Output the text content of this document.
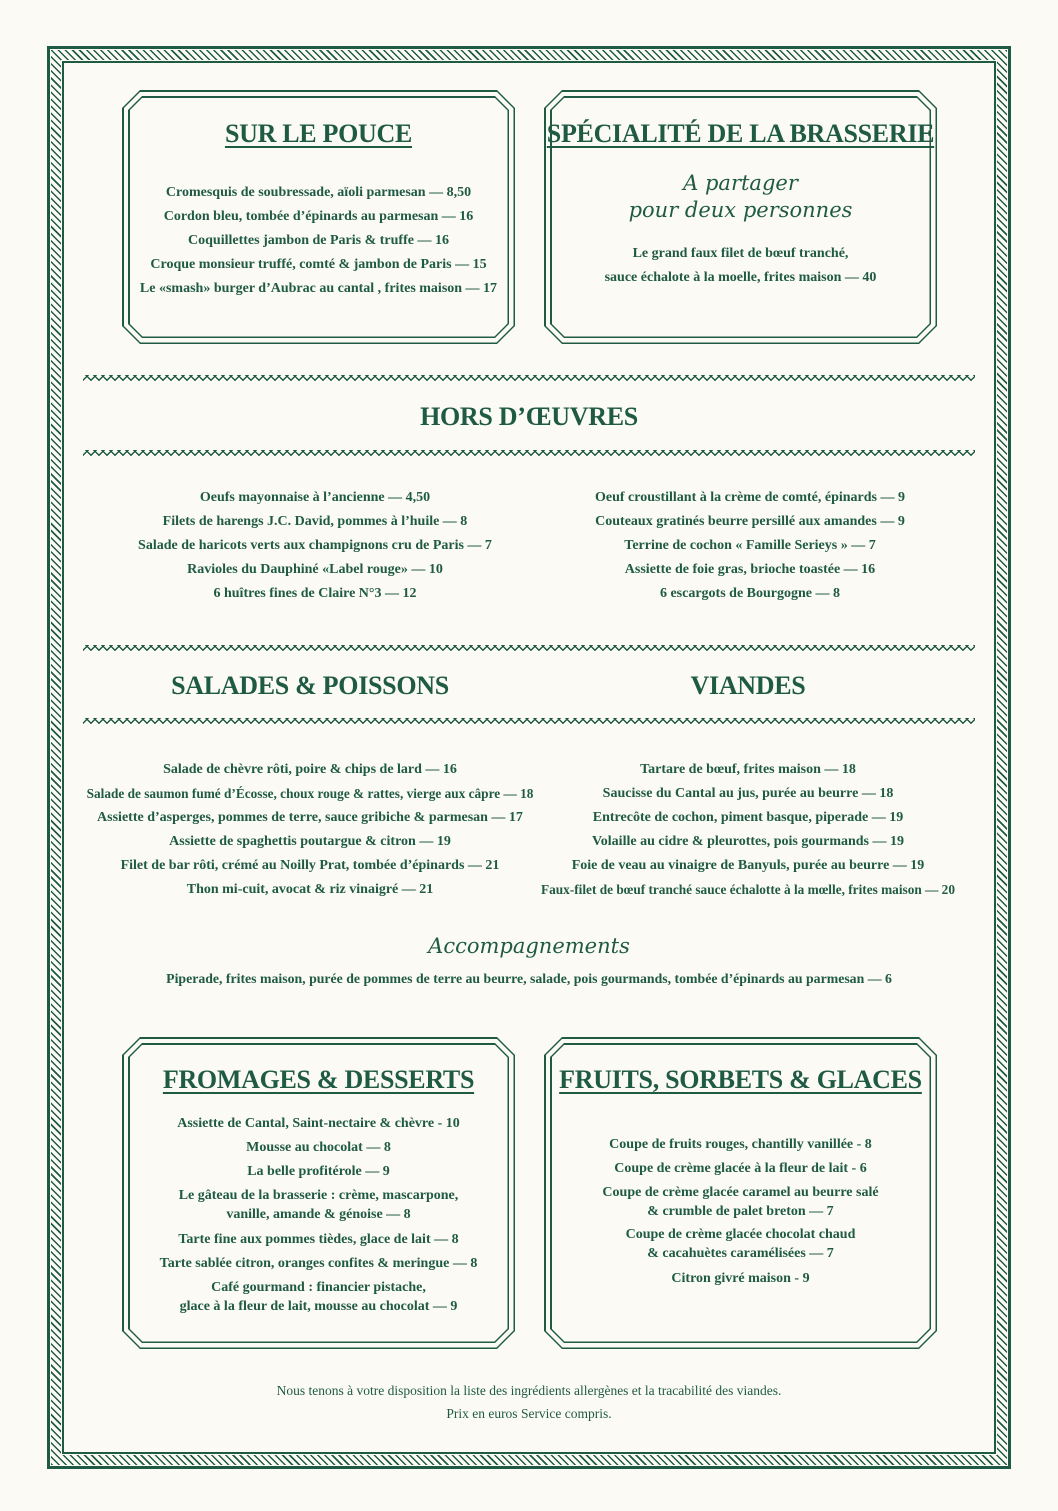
SUR LE POUCE
Cromesquis de soubressade, aïoli parmesan — 8,50
Cordon bleu, tombée d’épinards au parmesan — 16
Coquillettes jambon de Paris & truffe — 16
Croque monsieur truffé, comté & jambon de Paris — 15
Le «smash» burger d’Aubrac au cantal , frites maison — 17
SPÉCIALITÉ DE LA BRASSERIE
A partager
pour deux personnes
Le grand faux filet de bœuf tranché,
sauce échalote à la moelle, frites maison — 40
HORS D’ŒUVRES
Oeufs mayonnaise à l’ancienne — 4,50
Filets de harengs J.C. David, pommes à l’huile — 8
Salade de haricots verts aux champignons cru de Paris — 7
Ravioles du Dauphiné «Label rouge» — 10
6 huîtres fines de Claire N°3 — 12
Oeuf croustillant à la crème de comté, épinards — 9
Couteaux gratinés beurre persillé aux amandes — 9
Terrine de cochon « Famille Serieys » — 7
Assiette de foie gras, brioche toastée — 16
6 escargots de Bourgogne — 8
SALADES & POISSONS	VIANDES
Salade de chèvre rôti, poire & chips de lard — 16
Salade de saumon fumé d’Écosse, choux rouge & rattes, vierge aux câpre — 18
Assiette d’asperges, pommes de terre, sauce gribiche & parmesan — 17
Assiette de spaghettis poutargue & citron — 19
Filet de bar rôti, crémé au Noilly Prat, tombée d’épinards — 21
Thon mi-cuit, avocat & riz vinaigré — 21
Tartare de bœuf, frites maison — 18
Saucisse du Cantal au jus, purée au beurre — 18
Entrecôte de cochon, piment basque, piperade — 19
Volaille au cidre & pleurottes, pois gourmands — 19
Foie de veau au vinaigre de Banyuls, purée au beurre — 19
Faux-filet de bœuf tranché sauce échalotte à la mœlle, frites maison — 20
Accompagnements
Piperade, frites maison, purée de pommes de terre au beurre, salade, pois gourmands, tombée d’épinards au parmesan — 6
FROMAGES & DESSERTS
Assiette de Cantal, Saint-nectaire & chèvre - 10
Mousse au chocolat — 8
La belle profitérole — 9
Le gâteau de la brasserie : crème, mascarpone,
vanille, amande & génoise — 8
Tarte fine aux pommes tièdes, glace de lait — 8
Tarte sablée citron, oranges confites & meringue — 8
Café gourmand : financier pistache,
glace à la fleur de lait, mousse au chocolat — 9
FRUITS, SORBETS & GLACES
Coupe de fruits rouges, chantilly vanillée - 8
Coupe de crème glacée à la fleur de lait - 6
Coupe de crème glacée caramel au beurre salé
& crumble de palet breton — 7
Coupe de crème glacée chocolat chaud
& cacahuètes caramélisées — 7
Citron givré maison - 9
Nous tenons à votre disposition la liste des ingrédients allergènes et la tracabilité des viandes.
Prix en euros Service compris.
